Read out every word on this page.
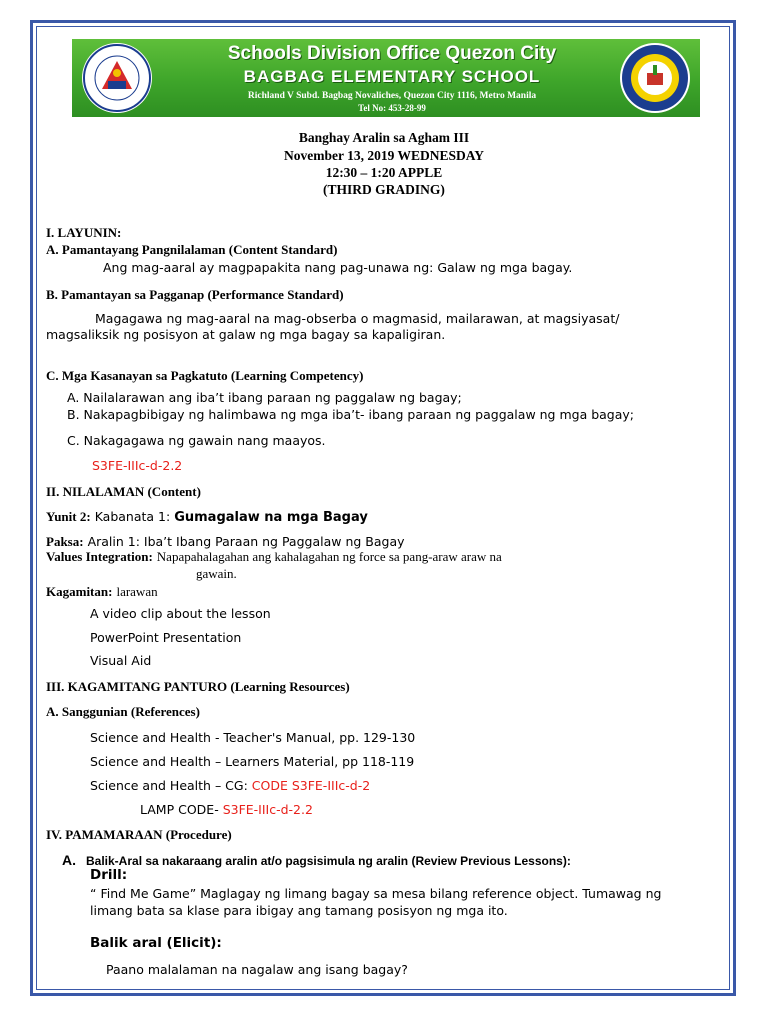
Schools Division Office Quezon City
BAGBAG ELEMENTARY SCHOOL
Richland V Subd. Bagbag Novaliches, Quezon City 1116, Metro Manila
Tel No: 453-28-99
Banghay Aralin sa Agham III
November 13, 2019 WEDNESDAY
12:30 – 1:20 APPLE
(THIRD GRADING)
I. LAYUNIN:
A. Pamantayang Pangnilalaman (Content Standard)
Ang mag-aaral ay magpapakita nang pag-unawa ng: Galaw ng mga bagay.
B. Pamantayan sa Pagganap (Performance Standard)
Magagawa ng mag-aaral na mag-obserba o magmasid, mailarawan, at magsiyasat/
magsaliksik ng posisyon at galaw ng mga bagay sa kapaligiran.
C. Mga Kasanayan sa Pagkatuto (Learning Competency)
A. Nailalarawan ang iba’t ibang paraan ng paggalaw ng bagay;
B. Nakapagbibigay ng halimbawa ng mga iba’t- ibang paraan ng paggalaw ng mga bagay;
C. Nakagagawa ng gawain nang maayos.
S3FE-IIIc-d-2.2
II. NILALAMAN (Content)
Yunit 2: Kabanata 1: Gumagalaw na mga Bagay
Paksa: Aralin 1: Iba’t Ibang Paraan ng Paggalaw ng Bagay
Values Integration: Napapahalagahan ang kahalagahan ng force sa pang-araw araw na
gawain.
Kagamitan: larawan
A video clip about the lesson
PowerPoint Presentation
Visual Aid
III. KAGAMITANG PANTURO (Learning Resources)
A. Sanggunian (References)
Science and Health - Teacher's Manual, pp. 129-130
Science and Health – Learners Material, pp 118-119
Science and Health – CG: CODE S3FE-IIIc-d-2
LAMP CODE- S3FE-IIIc-d-2.2
IV. PAMAMARAAN (Procedure)
A. Balik-Aral sa nakaraang aralin at/o pagsisimula ng aralin (Review Previous Lessons):
Drill:
“ Find Me Game” Maglagay ng limang bagay sa mesa bilang reference object. Tumawag ng
limang bata sa klase para ibigay ang tamang posisyon ng mga ito.
Balik aral (Elicit):
Paano malalaman na nagalaw ang isang bagay?
